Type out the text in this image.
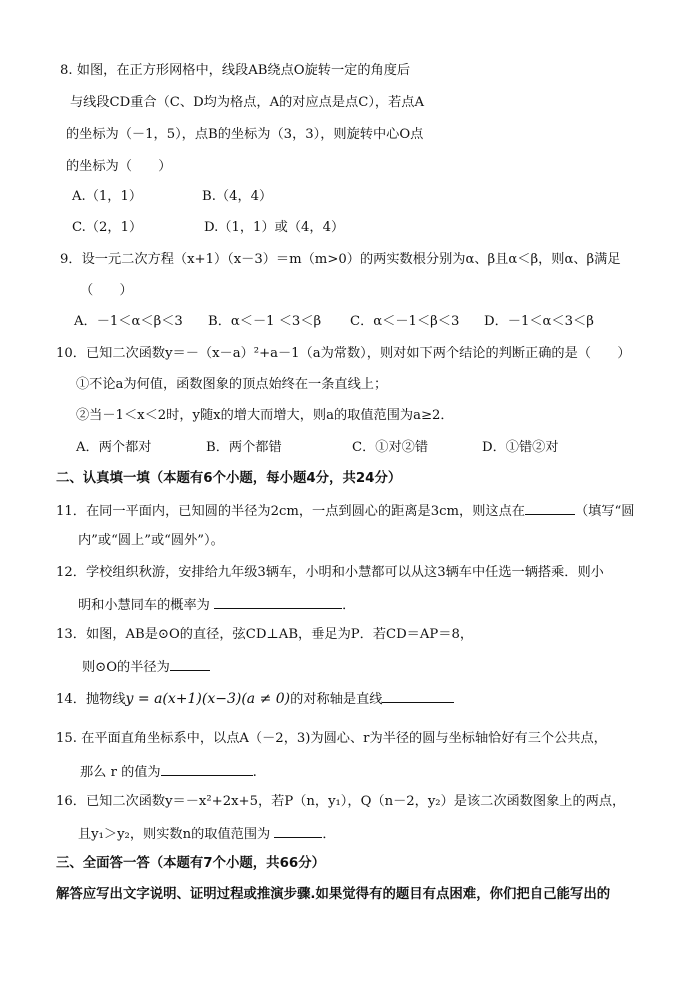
8. 如图，在正方形网格中，线段AB绕点O旋转一定的角度后
与线段CD重合（C、D均为格点，A的对应点是点C），若点A
的坐标为（－1，5），点B的坐标为（3，3），则旋转中心O点
的坐标为（　　）
A.（1，1）	B.（4，4）
C.（2，1）	D.（1，1）或（4，4）
9．设一元二次方程（x+1）（x－3）＝m（m>0）的两实数根分别为α、β且α＜β，则α、β满足
（　　）
A．－1＜α＜β＜3 B．α＜－1 ＜3＜β C．α＜－1＜β＜3 D．－1＜α＜3＜β
10．已知二次函数y＝－（x－a）²+a－1（a为常数），则对如下两个结论的判断正确的是（　　）
①不论a为何值，函数图象的顶点始终在一条直线上；
②当－1＜x＜2时，y随x的增大而增大，则a的取值范围为a≥2．
A．两个都对	B．两个都错	C．①对②错	D．①错②对
二、认真填一填（本题有6个小题，每小题4分，共24分）
11．在同一平面内，已知圆的半径为2cm，一点到圆心的距离是3cm，则这点在	（填写“圆
内”或“圆上”或“圆外”）。
12．学校组织秋游，安排给九年级3辆车，小明和小慧都可以从这3辆车中任选一辆搭乘．则小
明和小慧同车的概率为	．
13．如图，AB是⊙O的直径，弦CD⊥AB，垂足为P．若CD＝AP＝8，
则⊙O的半径为
14．抛物线y = a(x+1)(x−3)(a ≠ 0)的对称轴是直线
15. 在平面直角坐标系中，以点A（－2，3)为圆心、r为半径的圆与坐标轴恰好有三个公共点，
那么 r 的值为	.
16．已知二次函数y＝－x²+2x+5，若P（n，y₁），Q（n－2，y₂）是该二次函数图象上的两点，
且y₁＞y₂，则实数n的取值范围为	．
三、全面答一答（本题有7个小题，共66分）
解答应写出文字说明、证明过程或推演步骤.如果觉得有的题目有点困难，你们把自己能写出的
